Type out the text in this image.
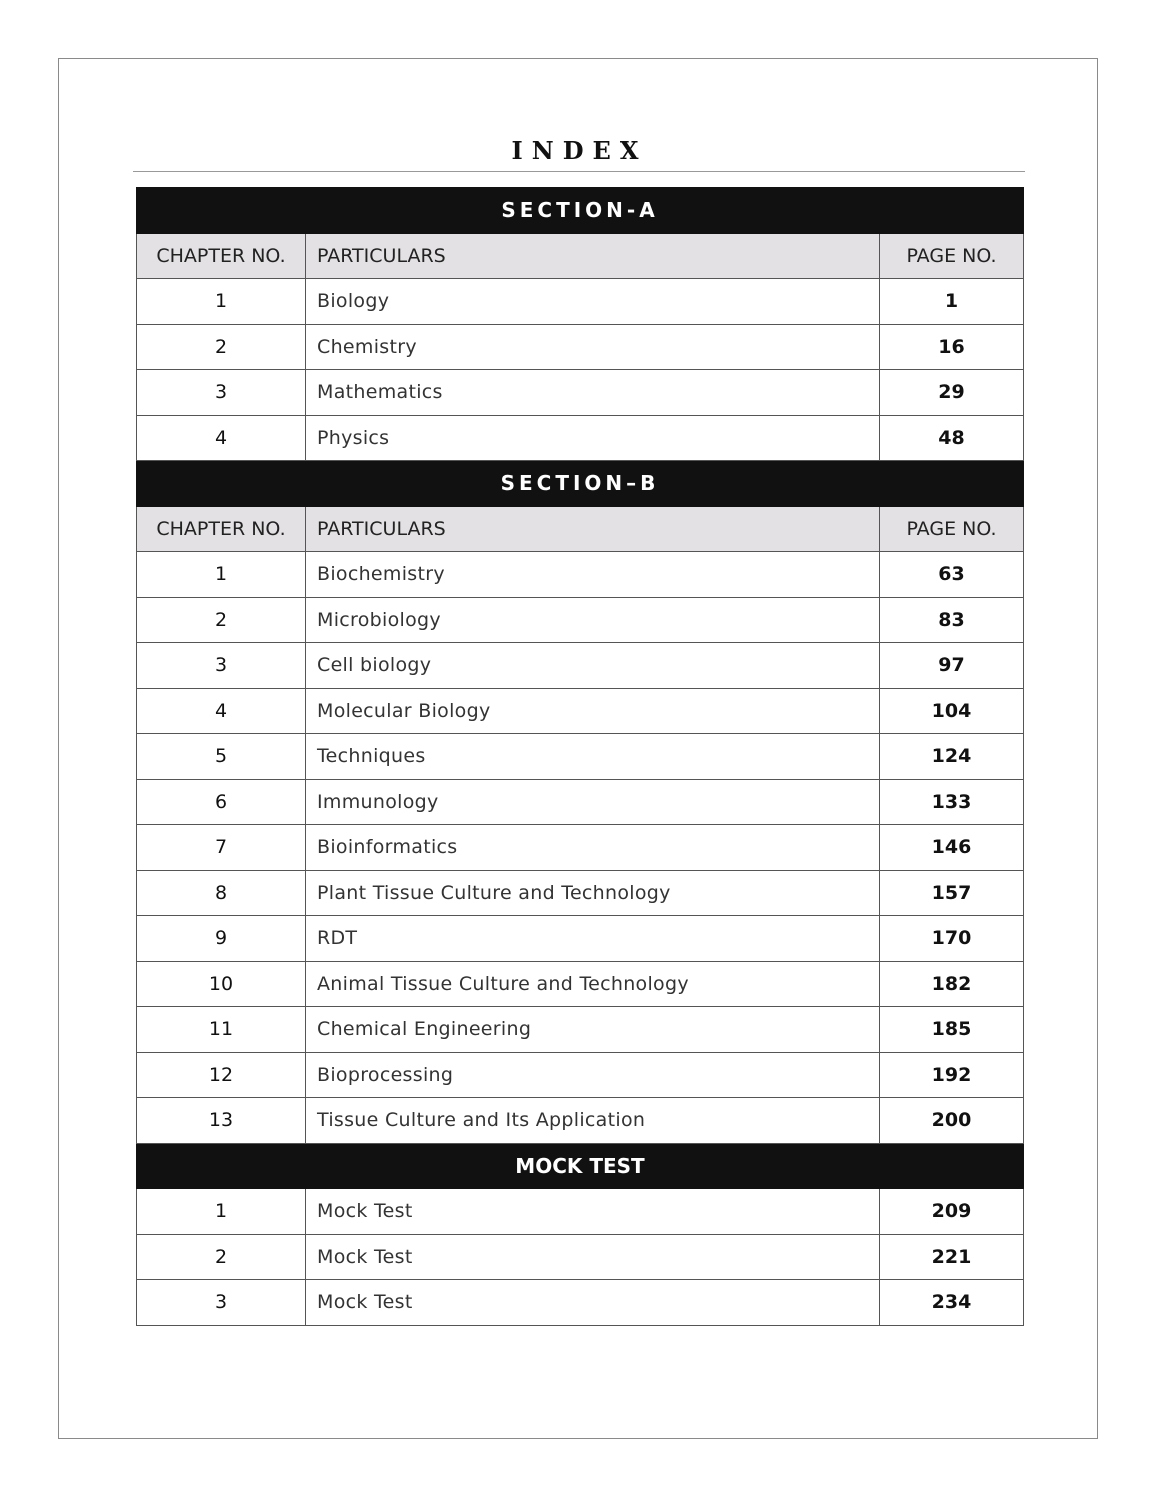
INDEX
SECTION-A		
CHAPTER NO.	PARTICULARS	PAGE NO.
1	Biology	1
2	Chemistry	16
3	Mathematics	29
4	Physics	48
SECTION–B		
CHAPTER NO.	PARTICULARS	PAGE NO.
1	Biochemistry	63
2	Microbiology	83
3	Cell biology	97
4	Molecular Biology	104
5	Techniques	124
6	Immunology	133
7	Bioinformatics	146
8	Plant Tissue Culture and Technology	157
9	RDT	170
10	Animal Tissue Culture and Technology	182
11	Chemical Engineering	185
12	Bioprocessing	192
13	Tissue Culture and Its Application	200
MOCK TEST		
1	Mock Test	209
2	Mock Test	221
3	Mock Test	234
